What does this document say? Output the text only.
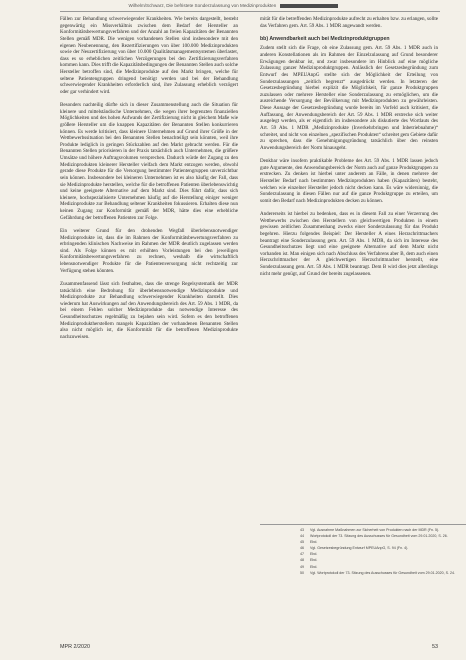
Wilhelm/Schwarz, Die befristete Sonderzulassung von Medizinprodukten

Fällen zur Behandlung schwerwiegender Krankheiten. Wie bereits dargestellt, besteht gegenwärtig ein Missverhältnis zwischen dem Bedarf der Hersteller an Konformitätsbewertungsverfahren und der Anzahl an freien Kapazitäten der Benannten Stellen gemäß MDR. Die wenigen vorhandenen Stellen sind insbesondere mit den eigenen Neubenennung, den Rezertifizierungen von über 100.000 Medizinprodukten sowie der Neuzertifizierung von über 10.000 Qualitätsmanagementsystemen überlastet, dass es so erheblichen zeitlichen Verzögerungen bei den Zertifizierungsverfahren kommen kann. Dies trifft die Kapazitätsbedingungen der Benannten Stellen auch solche Hersteller betroffen sind, die Medizinprodukte auf den Markt bringen, welche für seltene Patientengruppen dringend benötigt werden und bei der Behandlung schwerwiegender Krankheiten erforderlich sind, ihre Zulassung erheblich verzögert oder gar verhindert wird.

Besonders nachteilig dürfte sich in dieser Zusammenstellung auch die Situation für kleinere und mittelständische Unternehmen, die wegen ihrer begrenzten finanziellen Möglichkeiten und des hohen Aufwands der Zertifizierung nicht in gleichem Maße wie größere Hersteller um die knappen Kapazitäten der Benannten Stellen konkurrieren können. Es werde kritisiert, dass kleinere Unternehmen auf Grund ihrer Größe in der Wettbewerbssituation bei den Benannten Stellen benachteiligt sein könnten, weil ihre Produkte lediglich in geringen Stückzahlen auf den Markt gebracht werden. Für die Benannten Stellen priorisieren in der Praxis tatsächlich auch Unternehmen, die größere Umsätze und höhere Auftragsvolumen versprechen. Dadurch würde der Zugang zu den Medizinprodukten kleinerer Hersteller vielfach dem Markt entzogen werden, obwohl gerade diese Produkte für die Versorgung bestimmter Patientengruppen unverzichtbar sein können. Insbesondere bei kleineren Unternehmen ist es also häufig der Fall, dass sie Medizinprodukte herstellen, welche für die betroffenen Patienten überlebenswichtig und keine geeignete Alternative auf dem Markt sind. Dies führt dafür, dass sich kleinere, hochspezialisierte Unternehmen häufig auf die Herstellung einiger weniger Medizinprodukte zur Behandlung seltener Krankheiten fokussieren. Erhalten diese nun keinen Zugang zur Konformität gemäß der MDR, hätte dies eine erhebliche Gefährdung der betroffenen Patienten zur Folge.

Ein weiterer Grund für den drohenden Wegfall überlebensnotwendiger Medizinprodukte ist, dass die im Rahmen der Konformitätsbewertungsverfahren zu erbringenden klinischen Nachweise im Rahmen der MDR deutlich zugelassen werden sind. Als Folge können es mit erhöhten Vorleistungen bei den jeweiligen Konformitätsbewertungsverfahren zu rechnen, weshalb die wirtschaftlich lebensnotwendiger Produkte für die Patientenversorgung nicht rechtzeitig zur Verfügung stehen könnten.

Zusammenfassend lässt sich festhalten, dass die strenge Regelsystematik der MDR tatsächlich eine Bedrohung für überlebensnotwendige Medizinprodukte und Medizinprodukte zur Behandlung schwerwiegender Krankheiten darstellt. Dies wiederum hat Auswirkungen auf den Anwendungsbereich des Art. 59 Abs. 1 MDR, da bei einem Fehlen solcher Medizinprodukte das notwendige Interesse des Gesundheitsschutzes regelmäßig zu bejahen sein wird. Sofern es den betroffenen Medizinproduktherstellern mangels Kapazitäten der vorhandenen Benannten Stellen also nicht möglich ist, die Konformität für die betroffenen Medizinprodukte nachzuweisen.

mität für die betreffenden Medizinprodukte aufrecht zu erhalten bzw. zu erlangen, sollte das Verfahren gem. Art. 59 Abs. 1 MDR angewandt werden.

bb) Anwendbarkeit auch bei Medizinproduktgruppen

Zudem stellt sich die Frage, ob eine Zulassung gem. Art. 59 Abs. 1 MDR auch in anderen Konstellationen als im Rahmen der Einzelzulassung auf Grund besonderer Erwägungen denkbar ist, und zwar insbesondere im Hinblick auf eine mögliche Zulassung ganzer Medizinproduktgruppen. Anlässlich der Gesetzesbegründung zum Entwurf des MPEUAnpG stellte sich der Möglichkeit der Erteilung von Sonderzulassungen „zeitlich begrenzt“ ausgedrückt werden. In letzteren der Gesetzesbegründung hierbei explizit die Möglichkeit, für ganze Produktgruppen zuzulassen oder mehrere Hersteller eine Sonderzulassung zu ermöglichen, um die ausreichende Versorgung der Bevölkerung mit Medizinprodukten zu gewährleisten. Diese Aussage der Gesetzesbegründung wurde bereits im Vorfeld auch kritisiert, die Auffassung, der Anwendungsbereich der Art. 59 Abs. 1 MDR erstrecke sich weiter ausgelegt werden, als er eigentlich im insbesondere als diskutierte des Wortlauts des Art. 59 Abs. 1 MDR „Medizinprodukte (Inverkehrbringen und Inbetriebnahme)“ schreitet, und nicht von einzelnen „spezifischen Produkten“ schreitet gem Gebiete dafür zu sprechen, dass die Genehmigungsgründung tatsächlich über den reinsten Anwendungsbereich der Norm hinausgeht.

Denkbar wäre insofern praktikable Probleme des Art. 59 Abs. 1 MDR lassen jedoch gute Argumente, den Anwendungsbereich der Norm auch auf ganze Produktgruppen zu erstrecken. Zu denken ist hierbei unter anderem an Fälle, in denen mehrere der Hersteller Bedarf nach bestimmten Medizinprodukten haben (Kapazitäten) besteht, welchen wie einzelner Hersteller jedoch nicht decken kann. Es wäre widersinnig, die Sonderzulassung in diesen Fällen nur auf die ganze Produktgruppe zu erteilen, um somit den Bedarf nach Medizinprodukten decken zu können.

Andererseits ist hierbei zu bedenken, dass es in diesem Fall zu einer Verzerrung des Wettbewerbs zwischen den Herstellern von gleichwertigen Produkten in einem gewissen zeitlichen Zusammenhang zwecks einer Sonderzulassung für das Produkt begehren. Hierzu folgendes Beispiel: Der Hersteller A eines Herzschrittmachers beantragt eine Sonderzulassung gem. Art. 59 Abs. 1 MDR, da sich im Interesse des Gesundheitsschutzes liegt und eine geeignete Alternative auf dem Markt nicht vorhanden ist. Man einigen sich nach Abschluss des Verfahrens aber B, dem auch einen Herzschrittmacher der A gleichwertigen Herzschrittmacher herstellt, eine Sonderzulassung gem. Art. 59 Abs. 1 MDR beantragt. Dem B wird dies jetzt allerdings nicht mehr genügt, auf Grund der bereits zugelassenen.

43	Vgl. Ausnahme Maßnahmen zur Sicherheit von Produkten nach der MDR (Fn. 5).
44	Wortprotokoll der 73. Sitzung des Ausschusses für Gesundheit vom 29.01.2020, S. 26.
45	Ebd.
46	Vgl. Gesetzesbegründung Entwurf MPEUAnpG, S. 94 (Fn. 4).
47	Ebd.
48	Ebd.
49	Ebd.
50	Vgl. Wortprotokoll der 73. Sitzung des Ausschusses für Gesundheit vom 29.01.2020, S. 24.
MPR 2/2020	53
